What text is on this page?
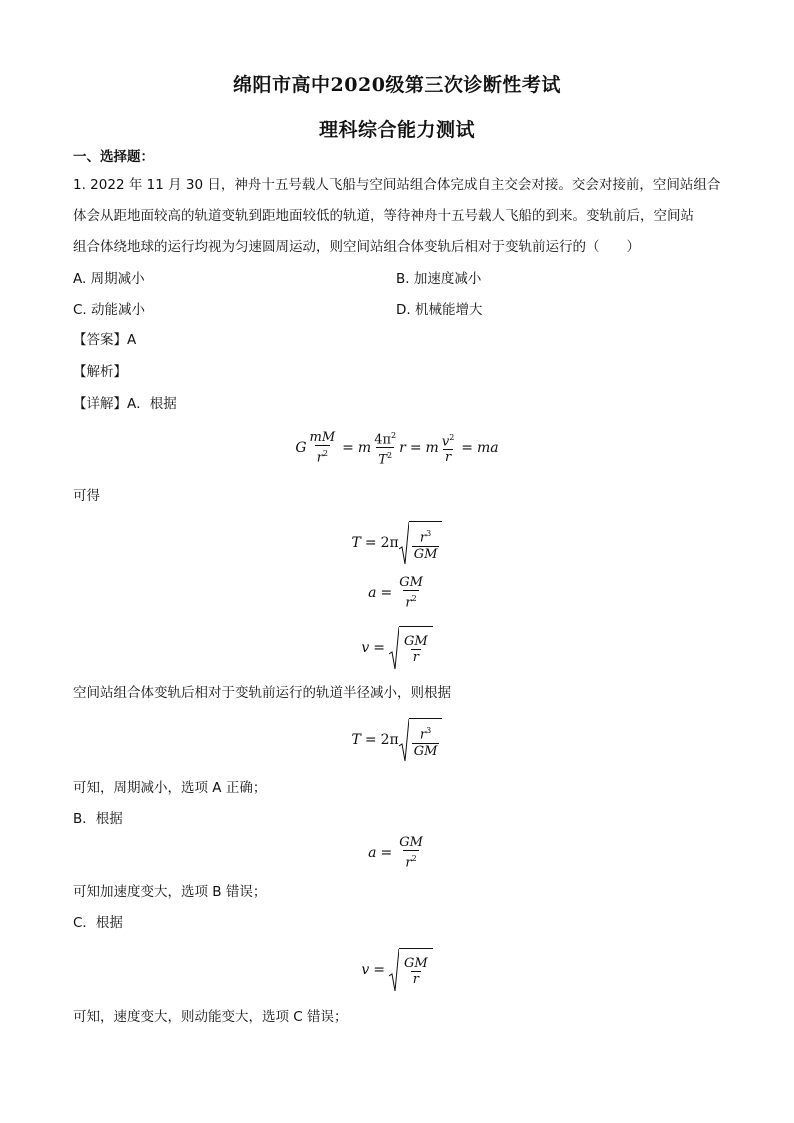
绵阳市高中2020级第三次诊断性考试
理科综合能力测试
一、选择题：
1. 2022 年 11 月 30 日，神舟十五号载人飞船与空间站组合体完成自主交会对接。交会对接前，空间站组合
体会从距地面较高的轨道变轨到距地面较低的轨道，等待神舟十五号载人飞船的到来。变轨前后，空间站
组合体绕地球的运行均视为匀速圆周运动，则空间站组合体变轨后相对于变轨前运行的（　　）
A. 周期减小	B. 加速度减小
C. 动能减小	D. 机械能增大
【答案】A
【解析】
【详解】A．根据
G $\frac{mM}{r^2} = m \frac{4\pi^2}{T^2}$ r = m $\frac{v^2}{r}$ = ma
可得
$T = 2\pi \frac{r^3}{GM}$
$a = \frac{GM}{r^2}$
$v = \frac{GM}{r}$
空间站组合体变轨后相对于变轨前运行的轨道半径减小，则根据
$T = 2\pi \frac{r^3}{GM}$
可知，周期减小，选项 A 正确；
B．根据
$a = \frac{GM}{r^2}$
可知加速度变大，选项 B 错误；
C．根据
$v = \frac{GM}{r}$
可知，速度变大，则动能变大，选项 C 错误；
